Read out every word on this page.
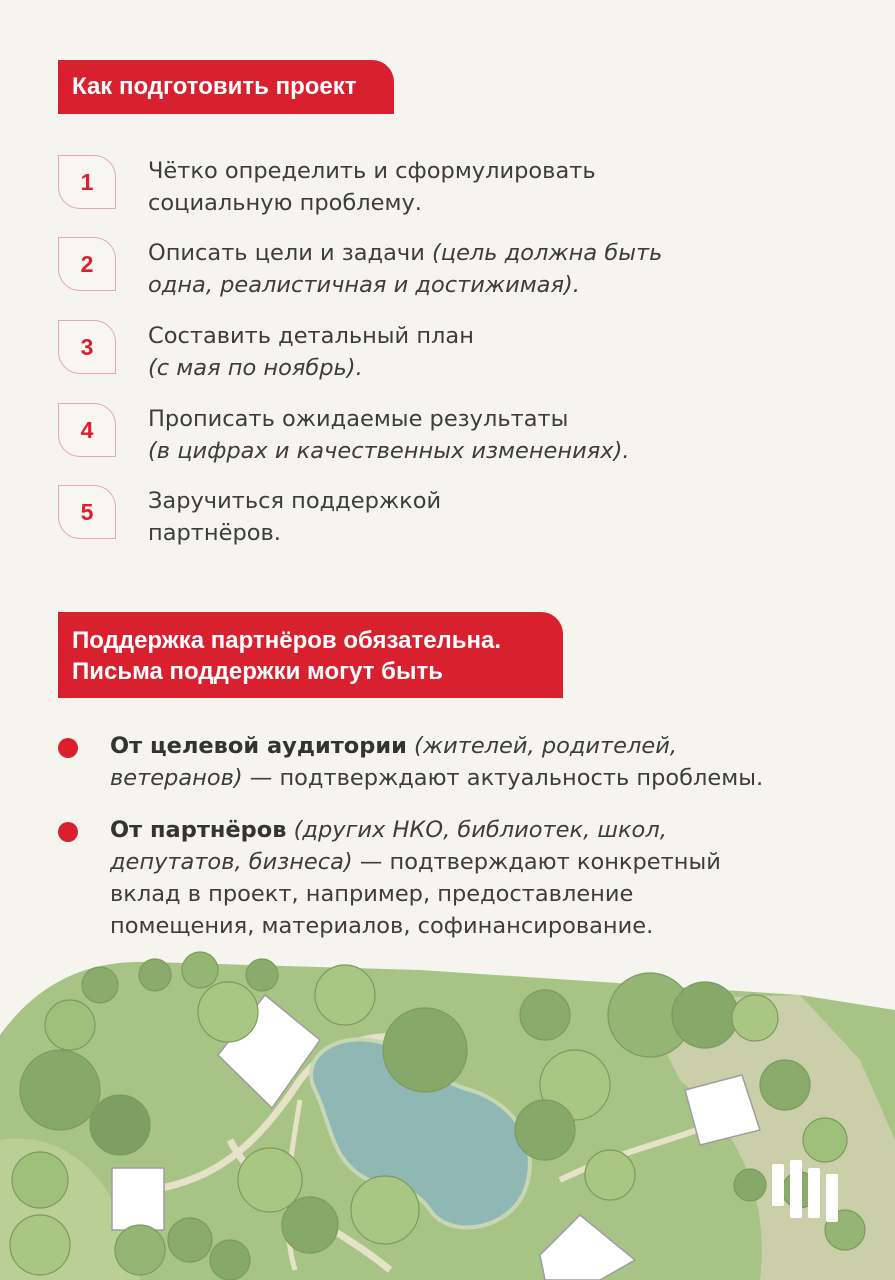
Как подготовить проект
1	Чётко определить и сформулировать
социальную проблему.
2	Описать цели и задачи (цель должна быть
одна, реалистичная и достижимая).
3	Составить детальный план
(с мая по ноябрь).
4	Прописать ожидаемые результаты
(в цифрах и качественных изменениях).
5	Заручиться поддержкой
партнёров.
Поддержка партнёров обязательна.
Письма поддержки могут быть
От целевой аудитории (жителей, родителей,
ветеранов) — подтверждают актуальность проблемы.
От партнёров (других НКО, библиотек, школ,
депутатов, бизнеса) — подтверждают конкретный
вклад в проект, например, предоставление
помещения, материалов, софинансирование.
